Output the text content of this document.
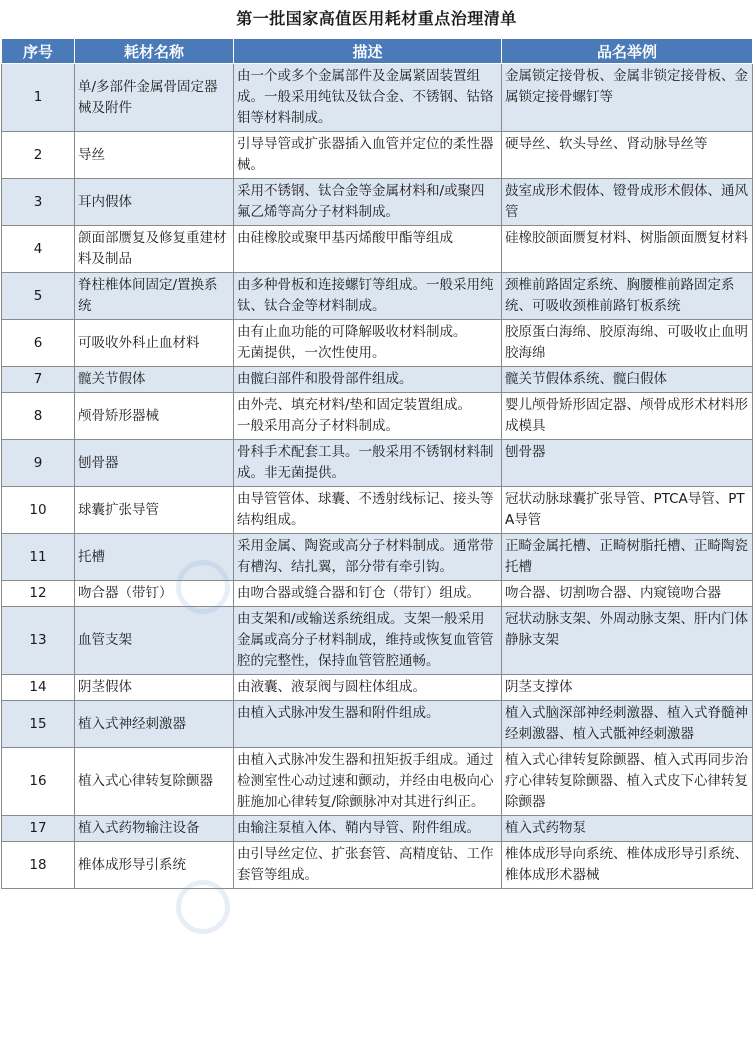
第一批国家高值医用耗材重点治理清单
序号	耗材名称	描述	品名举例
1	单/多部件金属骨固定器械及附件	由一个或多个金属部件及金属紧固装置组成。一般采用纯钛及钛合金、不锈钢、钴铬钼等材料制成。	金属锁定接骨板、金属非锁定接骨板、金属锁定接骨螺钉等
2	导丝	引导导管或扩张器插入血管并定位的柔性器械。	硬导丝、软头导丝、肾动脉导丝等
3	耳内假体	采用不锈钢、钛合金等金属材料和/或聚四氟乙烯等高分子材料制成。	鼓室成形术假体、镫骨成形术假体、通风管
4	颌面部赝复及修复重建材料及制品	由硅橡胶或聚甲基丙烯酸甲酯等组成	硅橡胶颌面赝复材料、树脂颌面赝复材料
5	脊柱椎体间固定/置换系统	由多种骨板和连接螺钉等组成。一般采用纯钛、钛合金等材料制成。	颈椎前路固定系统、胸腰椎前路固定系统、可吸收颈椎前路钉板系统
6	可吸收外科止血材料	由有止血功能的可降解吸收材料制成。
无菌提供，一次性使用。	胶原蛋白海绵、胶原海绵、可吸收止血明胶海绵
7	髋关节假体	由髋臼部件和股骨部件组成。	髋关节假体系统、髋臼假体
8	颅骨矫形器械	由外壳、填充材料/垫和固定装置组成。
一般采用高分子材料制成。	婴儿颅骨矫形固定器、颅骨成形术材料形成模具
9	刨骨器	骨科手术配套工具。一般采用不锈钢材料制成。非无菌提供。	刨骨器
10	球囊扩张导管	由导管管体、球囊、不透射线标记、接头等结构组成。	冠状动脉球囊扩张导管、PTCA导管、PTA导管
11	托槽	采用金属、陶瓷或高分子材料制成。通常带有槽沟、结扎翼，部分带有牵引钩。	正畸金属托槽、正畸树脂托槽、正畸陶瓷托槽
12	吻合器（带钉）	由吻合器或缝合器和钉仓（带钉）组成。	吻合器、切割吻合器、内窥镜吻合器
13	血管支架	由支架和/或输送系统组成。支架一般采用金属或高分子材料制成，维持或恢复血管管腔的完整性，保持血管管腔通畅。	冠状动脉支架、外周动脉支架、肝内门体静脉支架
14	阴茎假体	由液囊、液泵阀与圆柱体组成。	阴茎支撑体
15	植入式神经刺激器	由植入式脉冲发生器和附件组成。	植入式脑深部神经刺激器、植入式脊髓神经刺激器、植入式骶神经刺激器
16	植入式心律转复除颤器	由植入式脉冲发生器和扭矩扳手组成。通过检测室性心动过速和颤动，并经由电极向心脏施加心律转复/除颤脉冲对其进行纠正。	植入式心律转复除颤器、植入式再同步治疗心律转复除颤器、植入式皮下心律转复除颤器
17	植入式药物输注设备	由输注泵植入体、鞘内导管、附件组成。	植入式药物泵
18	椎体成形导引系统	由引导丝定位、扩张套管、高精度钻、工作套管等组成。	椎体成形导向系统、椎体成形导引系统、椎体成形术器械
